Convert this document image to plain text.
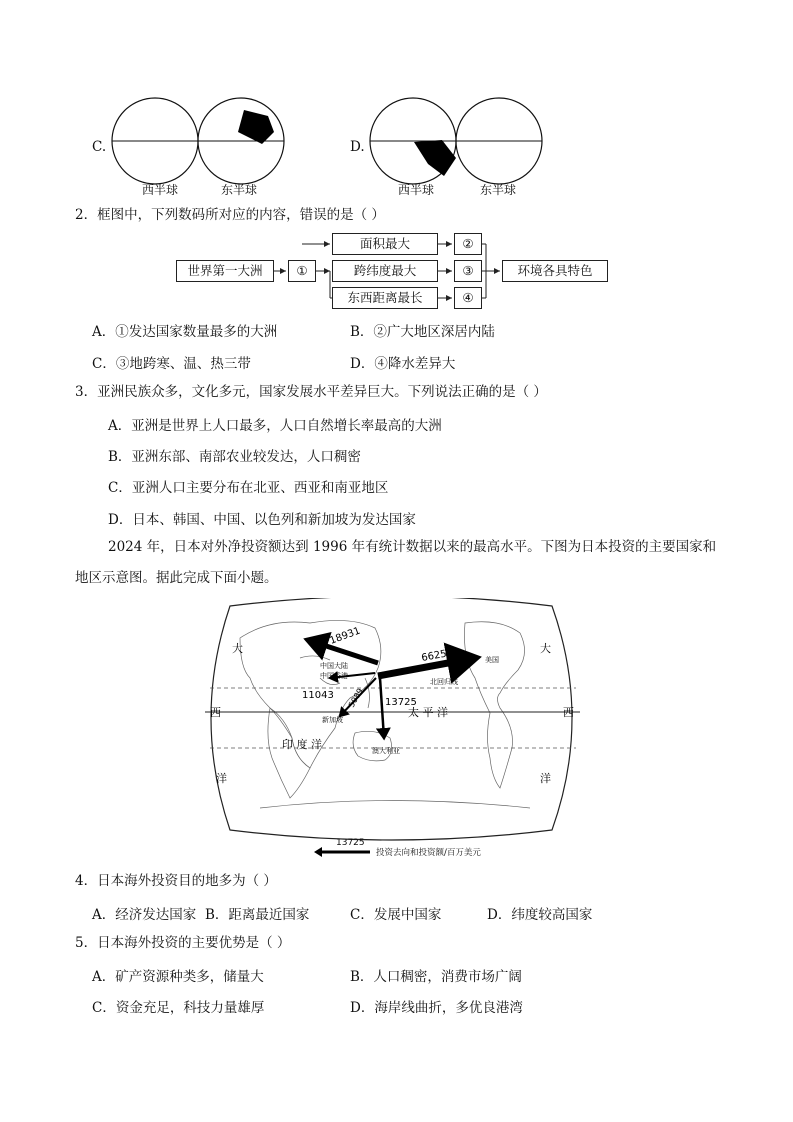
C.
西半球	东半球
D.
西半球	东半球
2．框图中，下列数码所对应的内容，错误的是（ ）
世界第一大洲	①
面积最大
跨纬度最大
东西距离最长
②
③
④
环境各具特色
A．①发达国家数量最多的大洲	B．②广大地区深居内陆
C．③地跨寒、温、热三带	D．④降水差异大
3．亚洲民族众多，文化多元，国家发展水平差异巨大。下列说法正确的是（ ）
A．亚洲是世界上人口最多，人口自然增长率最高的大洲
B．亚洲东部、南部农业较发达，人口稠密
C．亚洲人口主要分布在北亚、西亚和南亚地区
D．日本、韩国、中国、以色列和新加坡为发达国家
2024 年，日本对外净投资额达到 1996 年有统计数据以来的最高水平。下图为日本投资的主要国家和
地区示意图。据此完成下面小题。
18931
66252
11043 5089 13725
中国大陆
中国香港
美国
新加坡
澳大利亚
北回归线
大	大
西	西
洋	洋
太 平 洋
印 度 洋
13725
投资去向和投资额/百万美元
4．日本海外投资目的地多为（ ）
A．经济发达国家 B．距离最近国家	C．发展中国家	D．纬度较高国家
5．日本海外投资的主要优势是（ ）
A．矿产资源种类多，储量大	B．人口稠密，消费市场广阔
C．资金充足，科技力量雄厚	D．海岸线曲折，多优良港湾
